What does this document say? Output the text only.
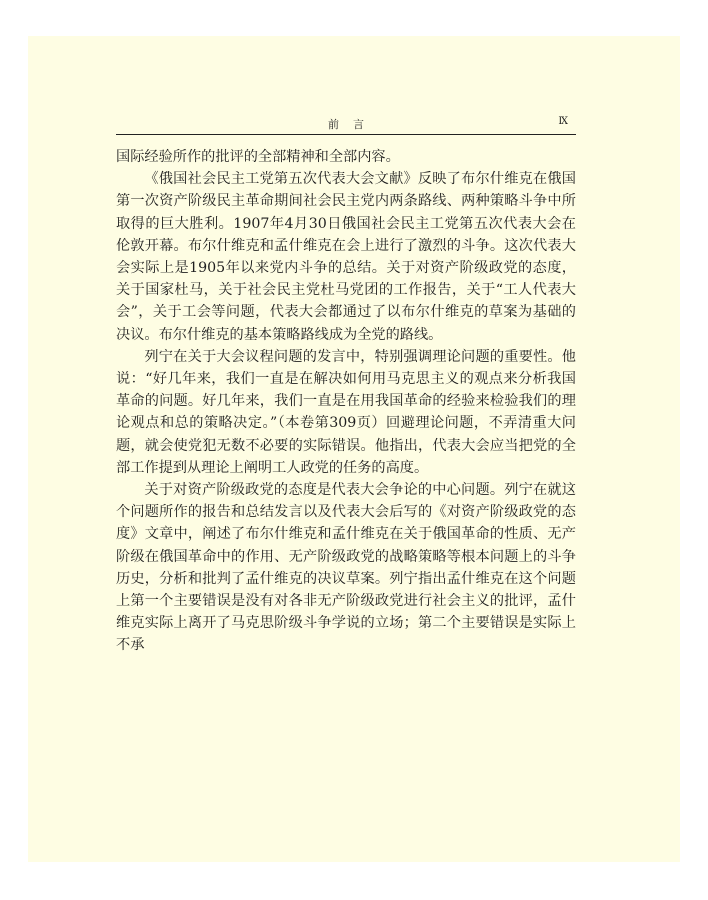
前言	Ⅸ

国际经验所作的批评的全部精神和全部内容。

《俄国社会民主工党第五次代表大会文献》反映了布尔什维克在俄国第一次资产阶级民主革命期间社会民主党内两条路线、两种策略斗争中所取得的巨大胜利。1907年4月30日俄国社会民主工党第五次代表大会在伦敦开幕。布尔什维克和孟什维克在会上进行了激烈的斗争。这次代表大会实际上是1905年以来党内斗争的总结。关于对资产阶级政党的态度，关于国家杜马，关于社会民主党杜马党团的工作报告，关于“工人代表大会”，关于工会等问题，代表大会都通过了以布尔什维克的草案为基础的决议。布尔什维克的基本策略路线成为全党的路线。

列宁在关于大会议程问题的发言中，特别强调理论问题的重要性。他说：“好几年来，我们一直是在解决如何用马克思主义的观点来分析我国革命的问题。好几年来，我们一直是在用我国革命的经验来检验我们的理论观点和总的策略决定。”（本卷第309页）回避理论问题，不弄清重大问题，就会使党犯无数不必要的实际错误。他指出，代表大会应当把党的全部工作提到从理论上阐明工人政党的任务的高度。

关于对资产阶级政党的态度是代表大会争论的中心问题。列宁在就这个问题所作的报告和总结发言以及代表大会后写的《对资产阶级政党的态度》文章中，阐述了布尔什维克和孟什维克在关于俄国革命的性质、无产阶级在俄国革命中的作用、无产阶级政党的战略策略等根本问题上的斗争历史，分析和批判了孟什维克的决议草案。列宁指出孟什维克在这个问题上第一个主要错误是没有对各非无产阶级政党进行社会主义的批评，孟什维克实际上离开了马克思阶级斗争学说的立场；第二个主要错误是实际上不承
